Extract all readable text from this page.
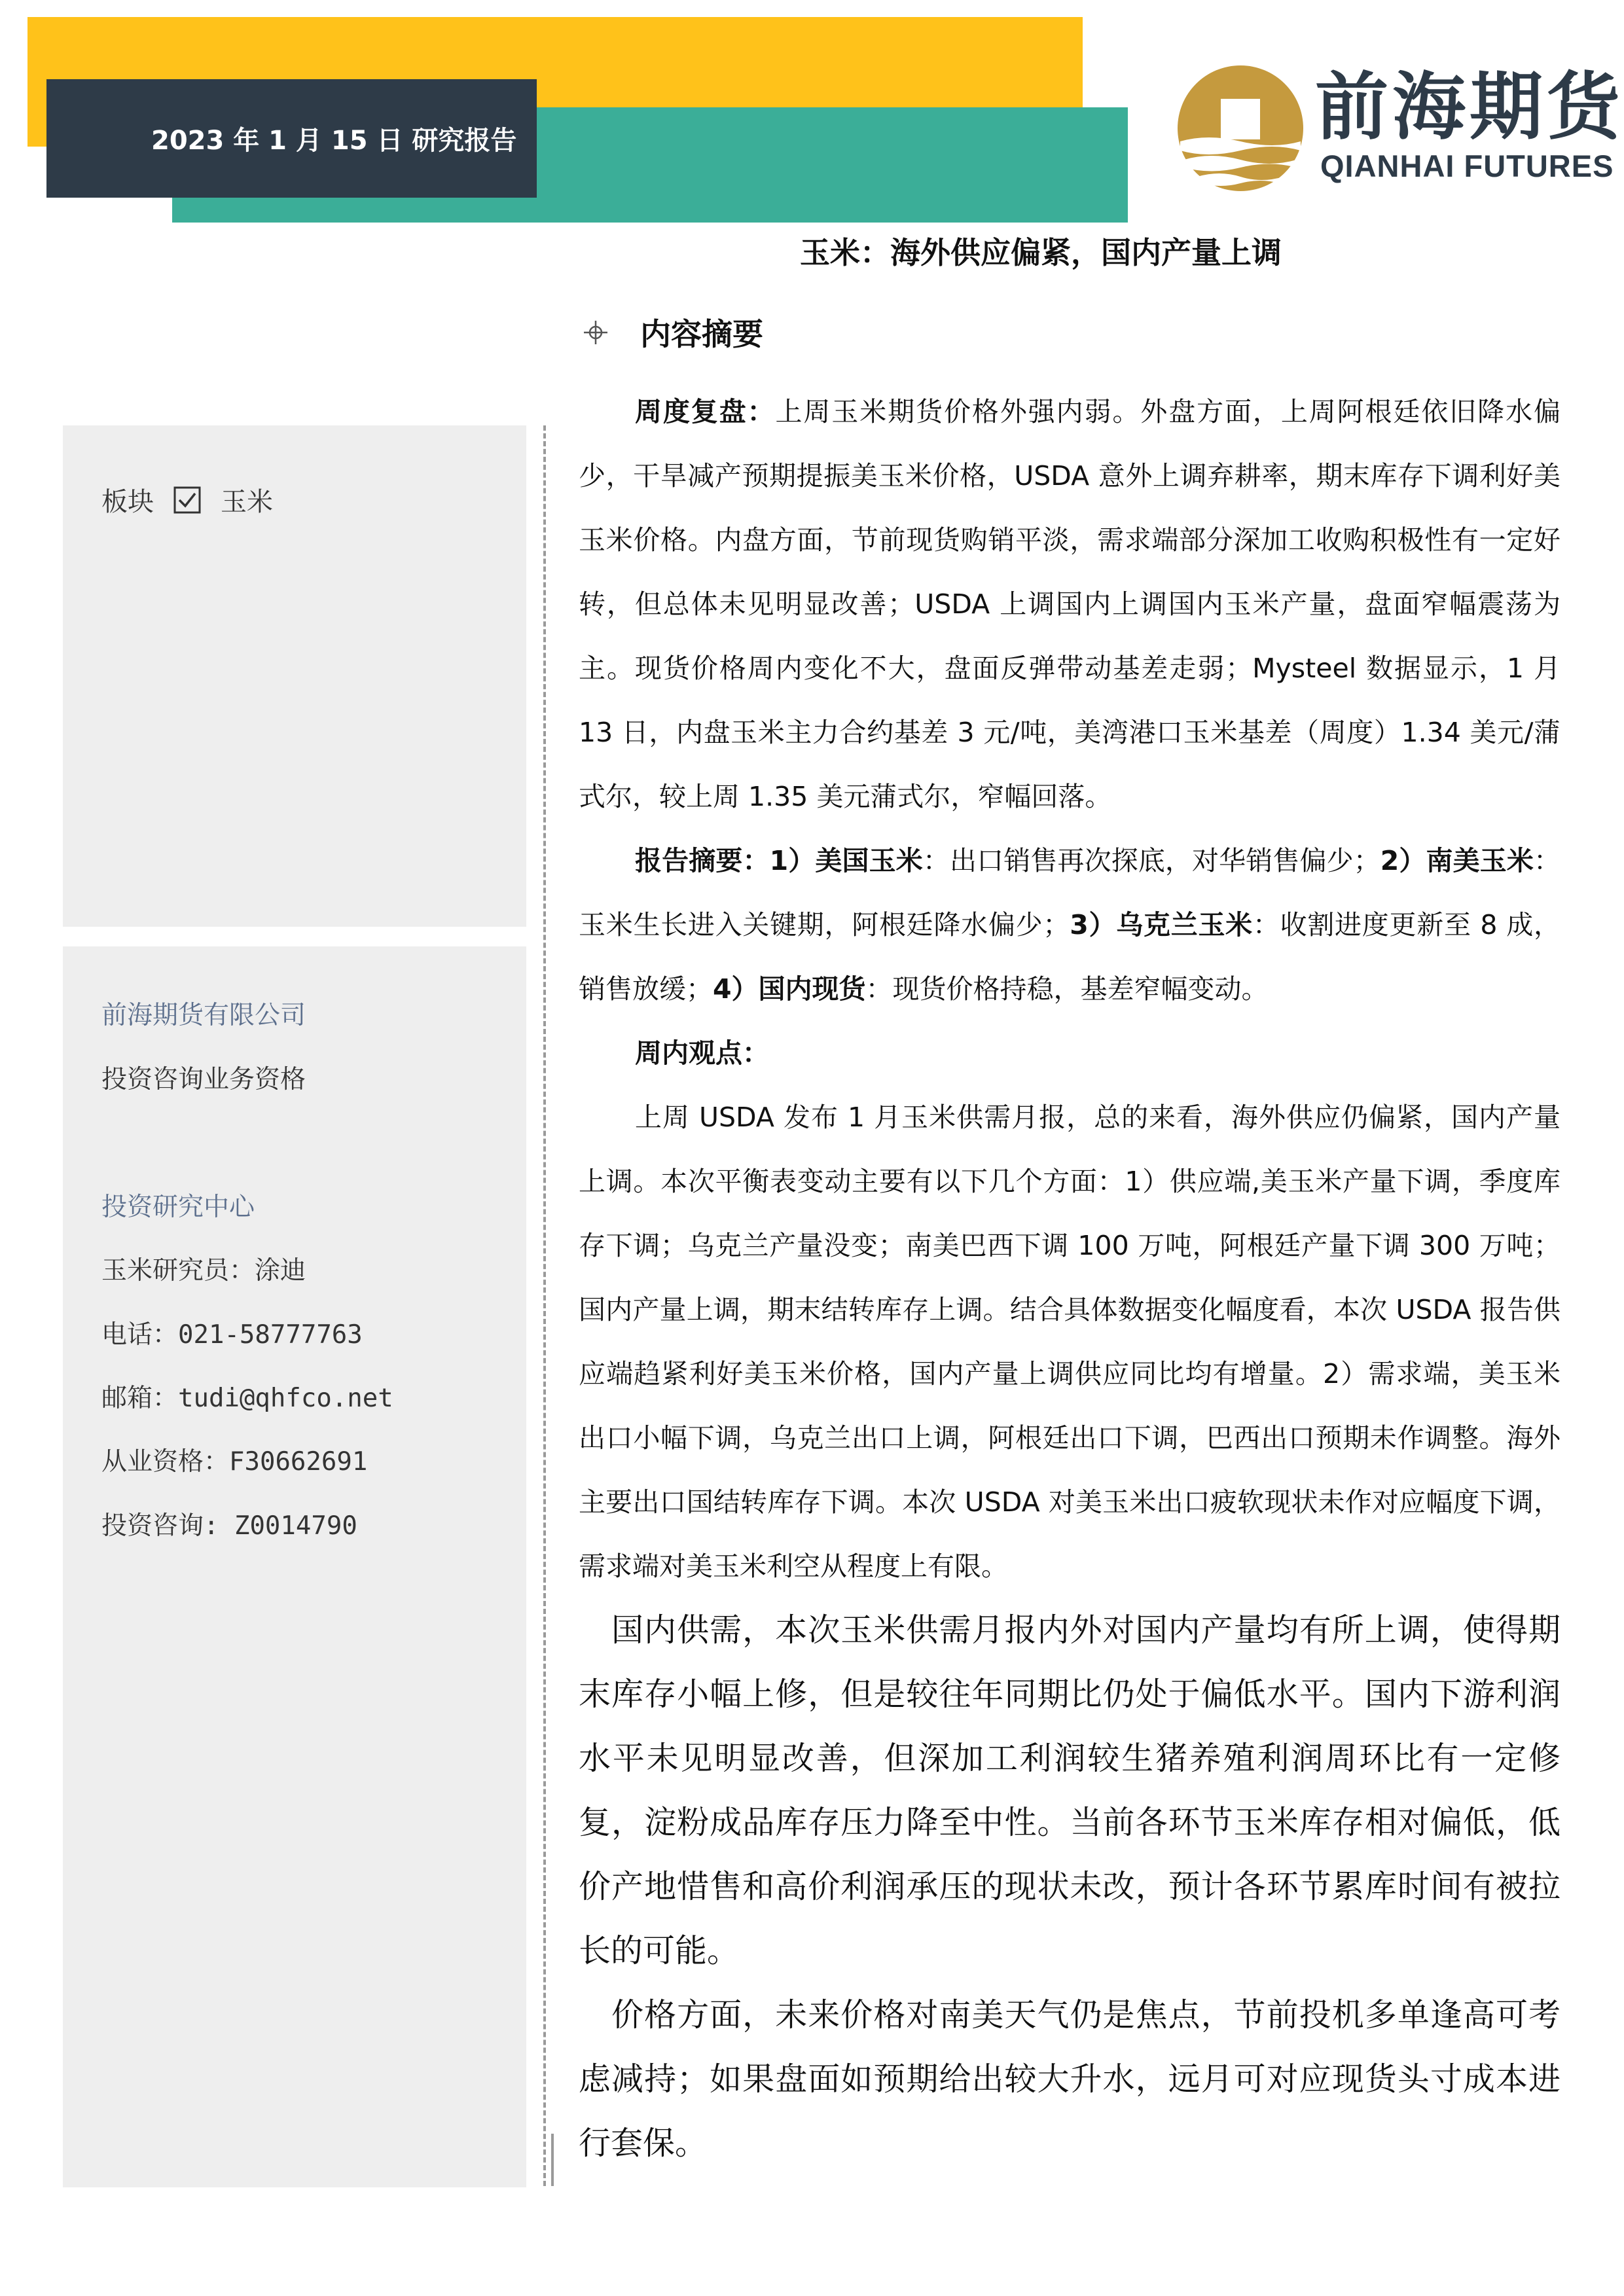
2023 年 1 月 15 日 研究报告	前海期货
QIANHAI FUTURES
玉米：海外供应偏紧，国内产量上调
内容摘要
板块	玉米
前海期货有限公司
投资咨询业务资格
投资研究中心
玉米研究员：涂迪
电话：021-58777763
邮箱：tudi@qhfco.net
从业资格：F30662691
投资咨询: Z0014790

周度复盘：上周玉米期货价格外强内弱。外盘方面，上周阿根廷依旧降水偏少，干旱减产预期提振美玉米价格，USDA 意外上调弃耕率，期末库存下调利好美玉米价格。内盘方面，节前现货购销平淡，需求端部分深加工收购积极性有一定好转，但总体未见明显改善；USDA 上调国内上调国内玉米产量，盘面窄幅震荡为主。现货价格周内变化不大，盘面反弹带动基差走弱；Mysteel 数据显示，1 月 13 日，内盘玉米主力合约基差 3 元/吨，美湾港口玉米基差（周度）1.34 美元/蒲式尔，较上周 1.35 美元蒲式尔，窄幅回落。

报告摘要：1）美国玉米：出口销售再次探底，对华销售偏少；2）南美玉米：玉米生长进入关键期，阿根廷降水偏少；3）乌克兰玉米：收割进度更新至 8 成，销售放缓；4）国内现货：现货价格持稳，基差窄幅变动。

周内观点：

上周 USDA 发布 1 月玉米供需月报，总的来看，海外供应仍偏紧，国内产量上调。本次平衡表变动主要有以下几个方面：1）供应端,美玉米产量下调，季度库存下调；乌克兰产量没变；南美巴西下调 100 万吨，阿根廷产量下调 300 万吨；国内产量上调，期末结转库存上调。结合具体数据变化幅度看，本次 USDA 报告供应端趋紧利好美玉米价格，国内产量上调供应同比均有增量。2）需求端，美玉米出口小幅下调，乌克兰出口上调，阿根廷出口下调，巴西出口预期未作调整。海外主要出口国结转库存下调。本次 USDA 对美玉米出口疲软现状未作对应幅度下调，需求端对美玉米利空从程度上有限。

国内供需，本次玉米供需月报内外对国内产量均有所上调，使得期末库存小幅上修，但是较往年同期比仍处于偏低水平。国内下游利润水平未见明显改善，但深加工利润较生猪养殖利润周环比有一定修复，淀粉成品库存压力降至中性。当前各环节玉米库存相对偏低，低价产地惜售和高价利润承压的现状未改，预计各环节累库时间有被拉长的可能。

价格方面，未来价格对南美天气仍是焦点，节前投机多单逢高可考虑减持；如果盘面如预期给出较大升水，远月可对应现货头寸成本进行套保。
